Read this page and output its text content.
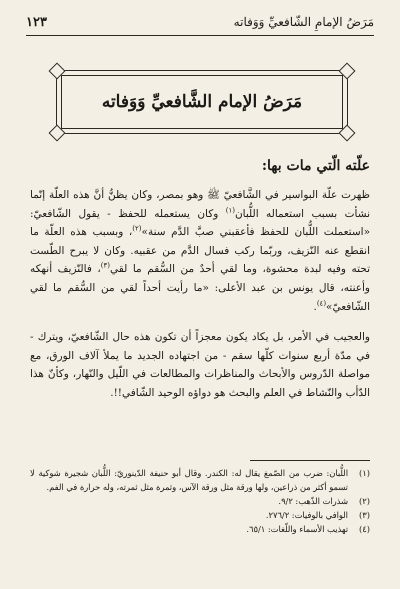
مَرَضُ الإمامِ الشّافعيِّ وَوَفاته
١٢٣
مَرَضُ الإمام الشَّافعيِّ وَوَفاته
علّته الّتي مات بها:

ظهرت علّة البواسير في الشَّافعيّ ﷺ وهو بمصر، وكان يظنُّ أنَّ هذه العلّة إنّما نشأت بسبب استعماله اللُّبان$^{(١)}$ وكان يستعمله للحفظ - يقول الشّافعيّ: «استعملت اللُّبان للحفظ فأعقبني صبَّ الدَّم سنة»$^{(٢)}$، وبسبب هذه العلّة ما انقطع عنه النّزيف، وربّما ركب فسال الدَّم من عقبيه. وكان لا يبرح الطّست تحته وفيه لبدة محشوة، وما لقي أحدٌ من السُّقم ما لقي$^{(٣)}$، فالنّزيف أنهكه وأعنته، قال يونس بن عبد الأعلى: «ما رأيت أحداً لقي من السُّقم ما لقي الشّافعيّ»$^{(٤)}$.

والعجيب في الأمر، بل يكاد يكون معجزاً أن تكون هذه حال الشّافعيّ، ويترك - في مدّة أربع سنوات كلّها سقم - من اجتهاده الجديد ما يملأ آلاف الورق، مع مواصلة الدّروس والأبحاث والمناظرات والمطالعات في اللّيل والنّهار، وكأنّ هذا الدّأب والنّشاط في العلم والبحث هو دواؤه الوحيد الشّافي!!.

(١)
اللُّبان: ضرب من الصّمغ يقال له: الكندر. وقال أبو حنيفة الدّينوريّ: اللُّبان شجيرة شوكية لا تسمو أكثر من ذراعين، ولها ورقة مثل ورقة الآس، وثمرة مثل ثمرته، وله حرارة في الفم.
(٢)
شذرات الذّهب: ٩/٢.
(٣)
الوافي بالوفيات: ٢٧٦/٢.
(٤)
تهذيب الأسماء واللّغات: ٦٥/١.
